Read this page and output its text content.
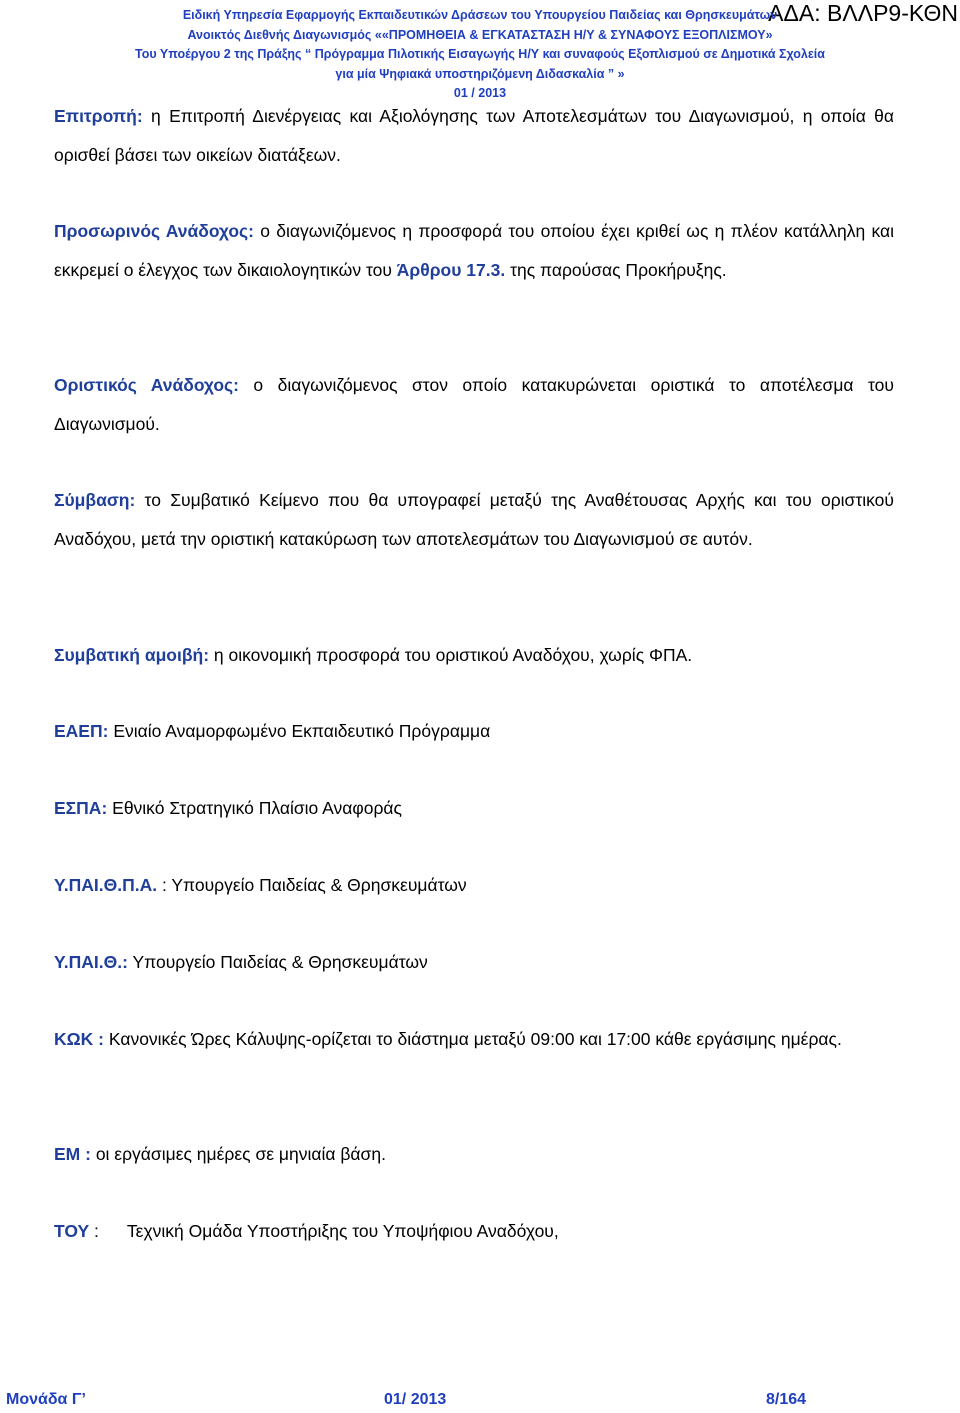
ΑΔΑ: ΒΛΛΡ9-ΚΘΝ
Ειδική Υπηρεσία Εφαρμογής Εκπαιδευτικών Δράσεων του Υπουργείου Παιδείας και Θρησκευμάτων
Ανοικτός Διεθνής Διαγωνισμός ««ΠΡΟΜΗΘΕΙΑ & ΕΓΚΑΤΑΣΤΑΣΗ Η/Υ & ΣΥΝΑΦΟΥΣ ΕΞΟΠΛΙΣΜΟΥ»
Του Υποέργου 2 της Πράξης “ Πρόγραμμα Πιλοτικής Εισαγωγής Η/Υ και συναφούς Εξοπλισμού σε Δημοτικά Σχολεία
για μία Ψηφιακά υποστηριζόμενη Διδασκαλία ” »
01 / 2013
Επιτροπή: η Επιτροπή Διενέργειας και Αξιολόγησης των Αποτελεσμάτων του Διαγωνισμού, η οποία θα ορισθεί βάσει των οικείων διατάξεων.
Προσωρινός Ανάδοχος: ο διαγωνιζόμενος η προσφορά του οποίου έχει κριθεί ως η πλέον κατάλληλη και εκκρεμεί ο έλεγχος των δικαιολογητικών του Άρθρου 17.3. της παρούσας Προκήρυξης.
Οριστικός Ανάδοχος: ο διαγωνιζόμενος στον οποίο κατακυρώνεται οριστικά το αποτέλεσμα του Διαγωνισμού.
Σύμβαση: το Συμβατικό Κείμενο που θα υπογραφεί μεταξύ της Αναθέτουσας Αρχής και του οριστικού Αναδόχου, μετά την οριστική κατακύρωση των αποτελεσμάτων του Διαγωνισμού σε αυτόν.
Συμβατική αμοιβή: η οικονομική προσφορά του οριστικού Αναδόχου, χωρίς ΦΠΑ.
ΕΑΕΠ: Ενιαίο Αναμορφωμένο Εκπαιδευτικό Πρόγραμμα
ΕΣΠΑ: Εθνικό Στρατηγικό Πλαίσιο Αναφοράς
Υ.ΠΑΙ.Θ.Π.Α. : Υπουργείο Παιδείας & Θρησκευμάτων
Υ.ΠΑΙ.Θ.: Υπουργείο Παιδείας & Θρησκευμάτων
ΚΩΚ : Κανονικές Ώρες Κάλυψης-ορίζεται το διάστημα μεταξύ 09:00 και 17:00 κάθε εργάσιμης ημέρας.
ΕΜ : οι εργάσιμες ημέρες σε μηνιαία βάση.
ΤΟΥ : Τεχνική Ομάδα Υποστήριξης του Υποψήφιου Αναδόχου,
Μονάδα Γ’	01/ 2013	8/164
